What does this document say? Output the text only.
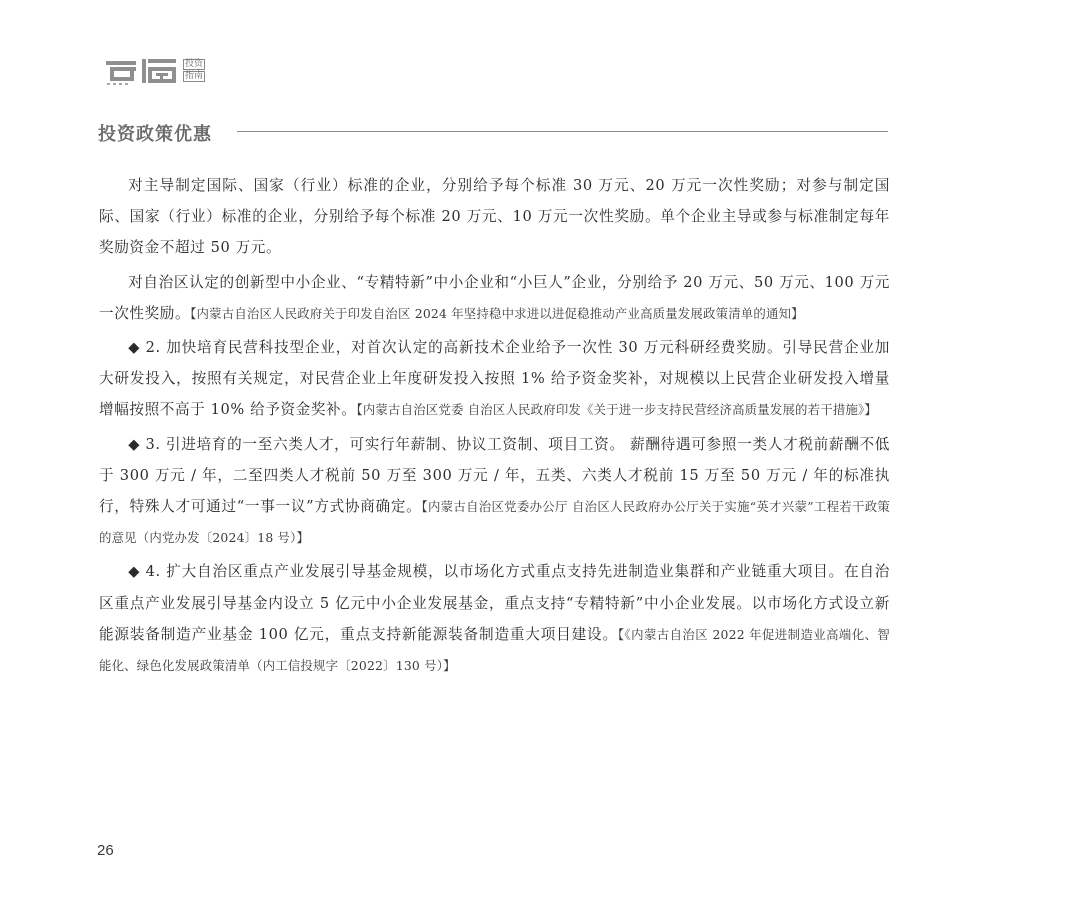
投资
指南
投资政策优惠

对主导制定国际、国家（行业）标准的企业，分别给予每个标准 30 万元、20 万元一次性奖励；对参与制定国际、国家（行业）标准的企业，分别给予每个标准 20 万元、10 万元一次性奖励。单个企业主导或参与标准制定每年奖励资金不超过 50 万元。

对自治区认定的创新型中小企业、“专精特新”中小企业和“小巨人”企业，分别给予 20 万元、50 万元、100 万元一次性奖励。【内蒙古自治区人民政府关于印发自治区 2024 年坚持稳中求进以进促稳推动产业高质量发展政策清单的通知】

◆ 2. 加快培育民营科技型企业，对首次认定的高新技术企业给予一次性 30 万元科研经费奖励。引导民营企业加大研发投入，按照有关规定，对民营企业上年度研发投入按照 1% 给予资金奖补，对规模以上民营企业研发投入增量增幅按照不高于 10% 给予资金奖补。【内蒙古自治区党委 自治区人民政府印发《关于进一步支持民营经济高质量发展的若干措施》】

◆ 3. 引进培育的一至六类人才，可实行年薪制、协议工资制、项目工资。 薪酬待遇可参照一类人才税前薪酬不低于 300 万元 / 年，二至四类人才税前 50 万至 300 万元 / 年，五类、六类人才税前 15 万至 50 万元 / 年的标准执行，特殊人才可通过“一事一议”方式协商确定。【内蒙古自治区党委办公厅 自治区人民政府办公厅关于实施“英才兴蒙”工程若干政策的意见（内党办发〔2024〕18 号）】

◆ 4. 扩大自治区重点产业发展引导基金规模，以市场化方式重点支持先进制造业集群和产业链重大项目。在自治区重点产业发展引导基金内设立 5 亿元中小企业发展基金，重点支持“专精特新”中小企业发展。以市场化方式设立新能源装备制造产业基金 100 亿元，重点支持新能源装备制造重大项目建设。【《内蒙古自治区 2022 年促进制造业高端化、智能化、绿色化发展政策清单（内工信投规字〔2022〕130 号）】

26
